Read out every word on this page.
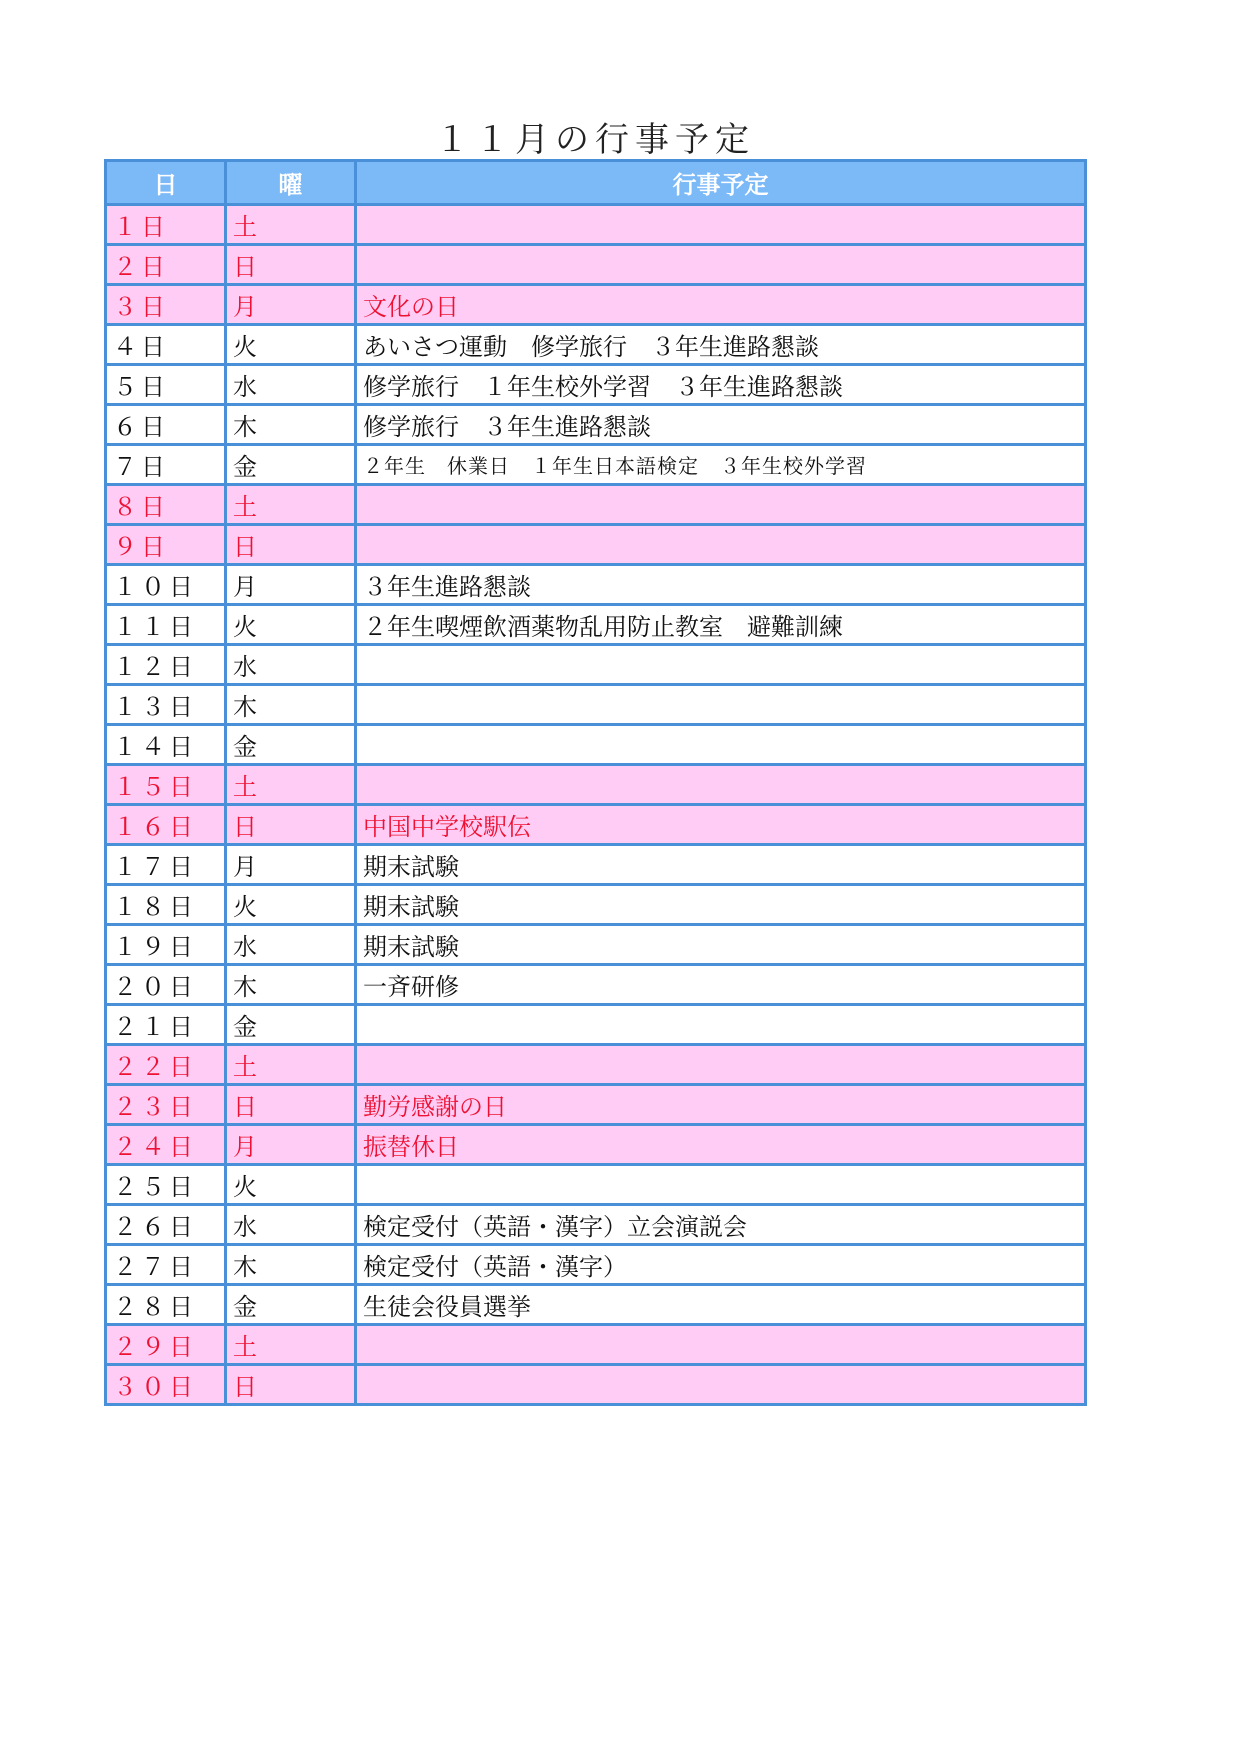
１１月の行事予定
日	曜	行事予定
１日	土	
２日	日	
３日	月	文化の日
４日	火	あいさつ運動　修学旅行　３年生進路懇談
５日	水	修学旅行　１年生校外学習　３年生進路懇談
６日	木	修学旅行　３年生進路懇談
７日	金	２年生　休業日　１年生日本語検定　３年生校外学習
８日	土	
９日	日	
１０日	月	３年生進路懇談
１１日	火	２年生喫煙飲酒薬物乱用防止教室　避難訓練
１２日	水	
１３日	木	
１４日	金	
１５日	土	
１６日	日	中国中学校駅伝
１７日	月	期末試験
１８日	火	期末試験
１９日	水	期末試験
２０日	木	一斉研修
２１日	金	
２２日	土	
２３日	日	勤労感謝の日
２４日	月	振替休日
２５日	火	
２６日	水	検定受付（英語・漢字）立会演説会
２７日	木	検定受付（英語・漢字）
２８日	金	生徒会役員選挙
２９日	土	
３０日	日	
